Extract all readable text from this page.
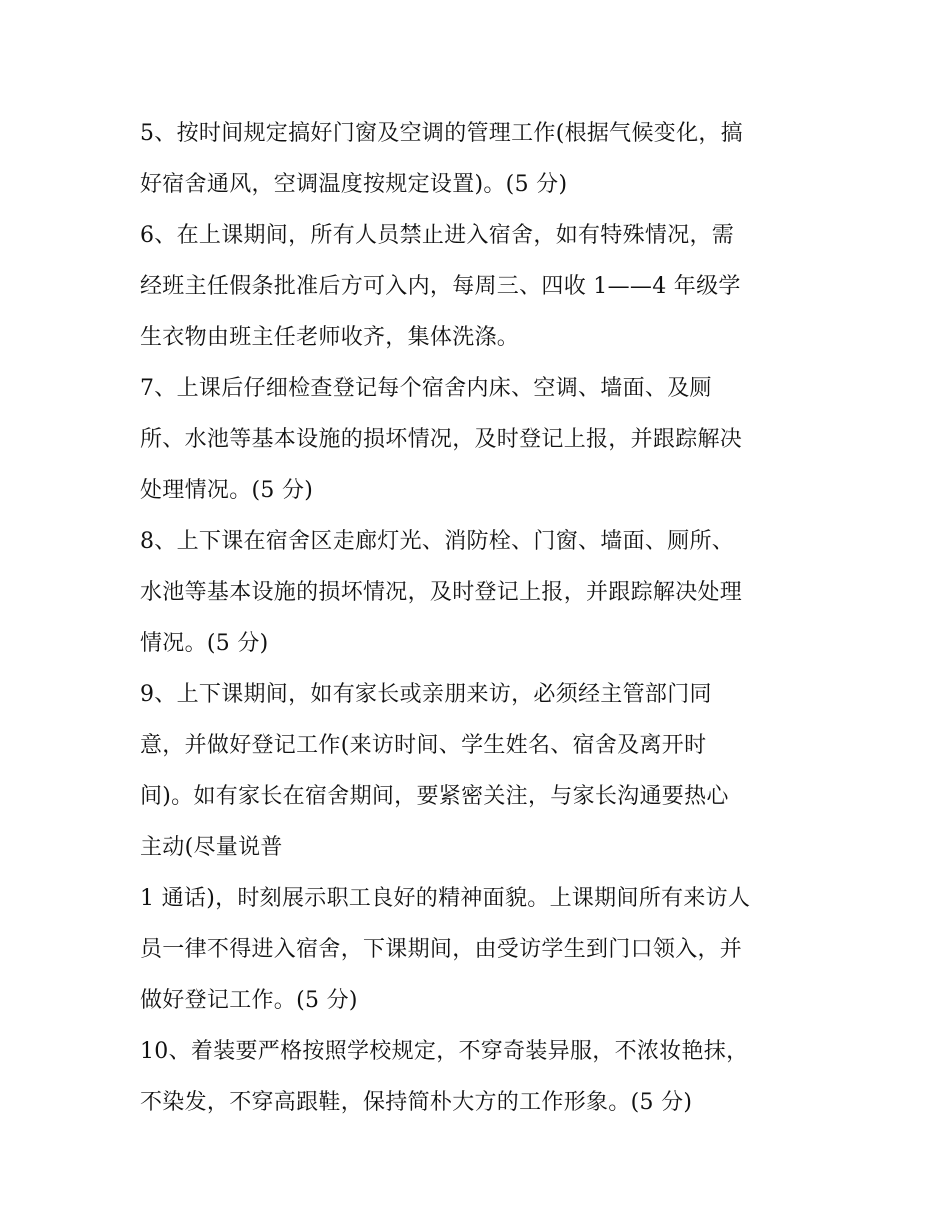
5、按时间规定搞好门窗及空调的管理工作(根据气候变化，搞
好宿舍通风，空调温度按规定设置)。(5 分)
6、在上课期间，所有人员禁止进入宿舍，如有特殊情况，需
经班主任假条批准后方可入内，每周三、四收 1——4 年级学
生衣物由班主任老师收齐，集体洗涤。
7、上课后仔细检查登记每个宿舍内床、空调、墙面、及厕
所、水池等基本设施的损坏情况，及时登记上报，并跟踪解决
处理情况。(5 分)
8、上下课在宿舍区走廊灯光、消防栓、门窗、墙面、厕所、
水池等基本设施的损坏情况，及时登记上报，并跟踪解决处理
情况。(5 分)
9、上下课期间，如有家长或亲朋来访，必须经主管部门同
意，并做好登记工作(来访时间、学生姓名、宿舍及离开时
间)。如有家长在宿舍期间，要紧密关注，与家长沟通要热心
主动(尽量说普
1 通话)，时刻展示职工良好的精神面貌。上课期间所有来访人
员一律不得进入宿舍，下课期间，由受访学生到门口领入，并
做好登记工作。(5 分)
10、着装要严格按照学校规定，不穿奇装异服，不浓妆艳抹，
不染发，不穿高跟鞋，保持简朴大方的工作形象。(5 分)
